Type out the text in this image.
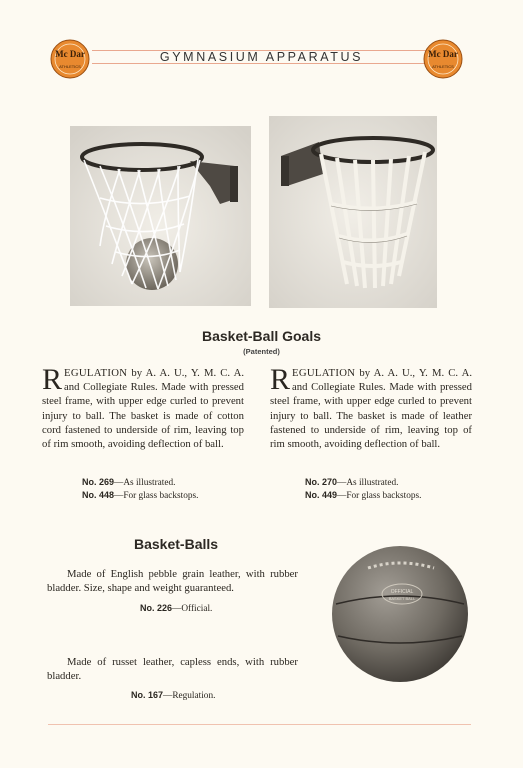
GYMNASIUM APPARATUS
Mc Dar
ATHLETICS
Mc Dar
ATHLETICS
Basket-Ball Goals
(Patented)
REGULATION by A. A. U., Y. M. C. A. and Collegiate Rules. Made with pressed steel frame, with upper edge curled to prevent injury to ball. The basket is made of cotton cord fastened to underside of rim, leaving top of rim smooth, avoiding deflection of ball.
No. 269—As illustrated.
No. 448—For glass backstops.
REGULATION by A. A. U., Y. M. C. A. and Collegiate Rules. Made with pressed steel frame, with upper edge curled to prevent injury to ball. The basket is made of leather fastened to underside of rim, leaving top of rim smooth, avoiding deflection of ball.
No. 270—As illustrated.
No. 449—For glass backstops.
Basket-Balls
Made of English pebble grain leather, with rubber bladder. Size, shape and weight guaranteed.
No. 226—Official.
Made of russet leather, capless ends, with rubber bladder.
No. 167—Regulation.
OFFICIAL
BASKET BALL
